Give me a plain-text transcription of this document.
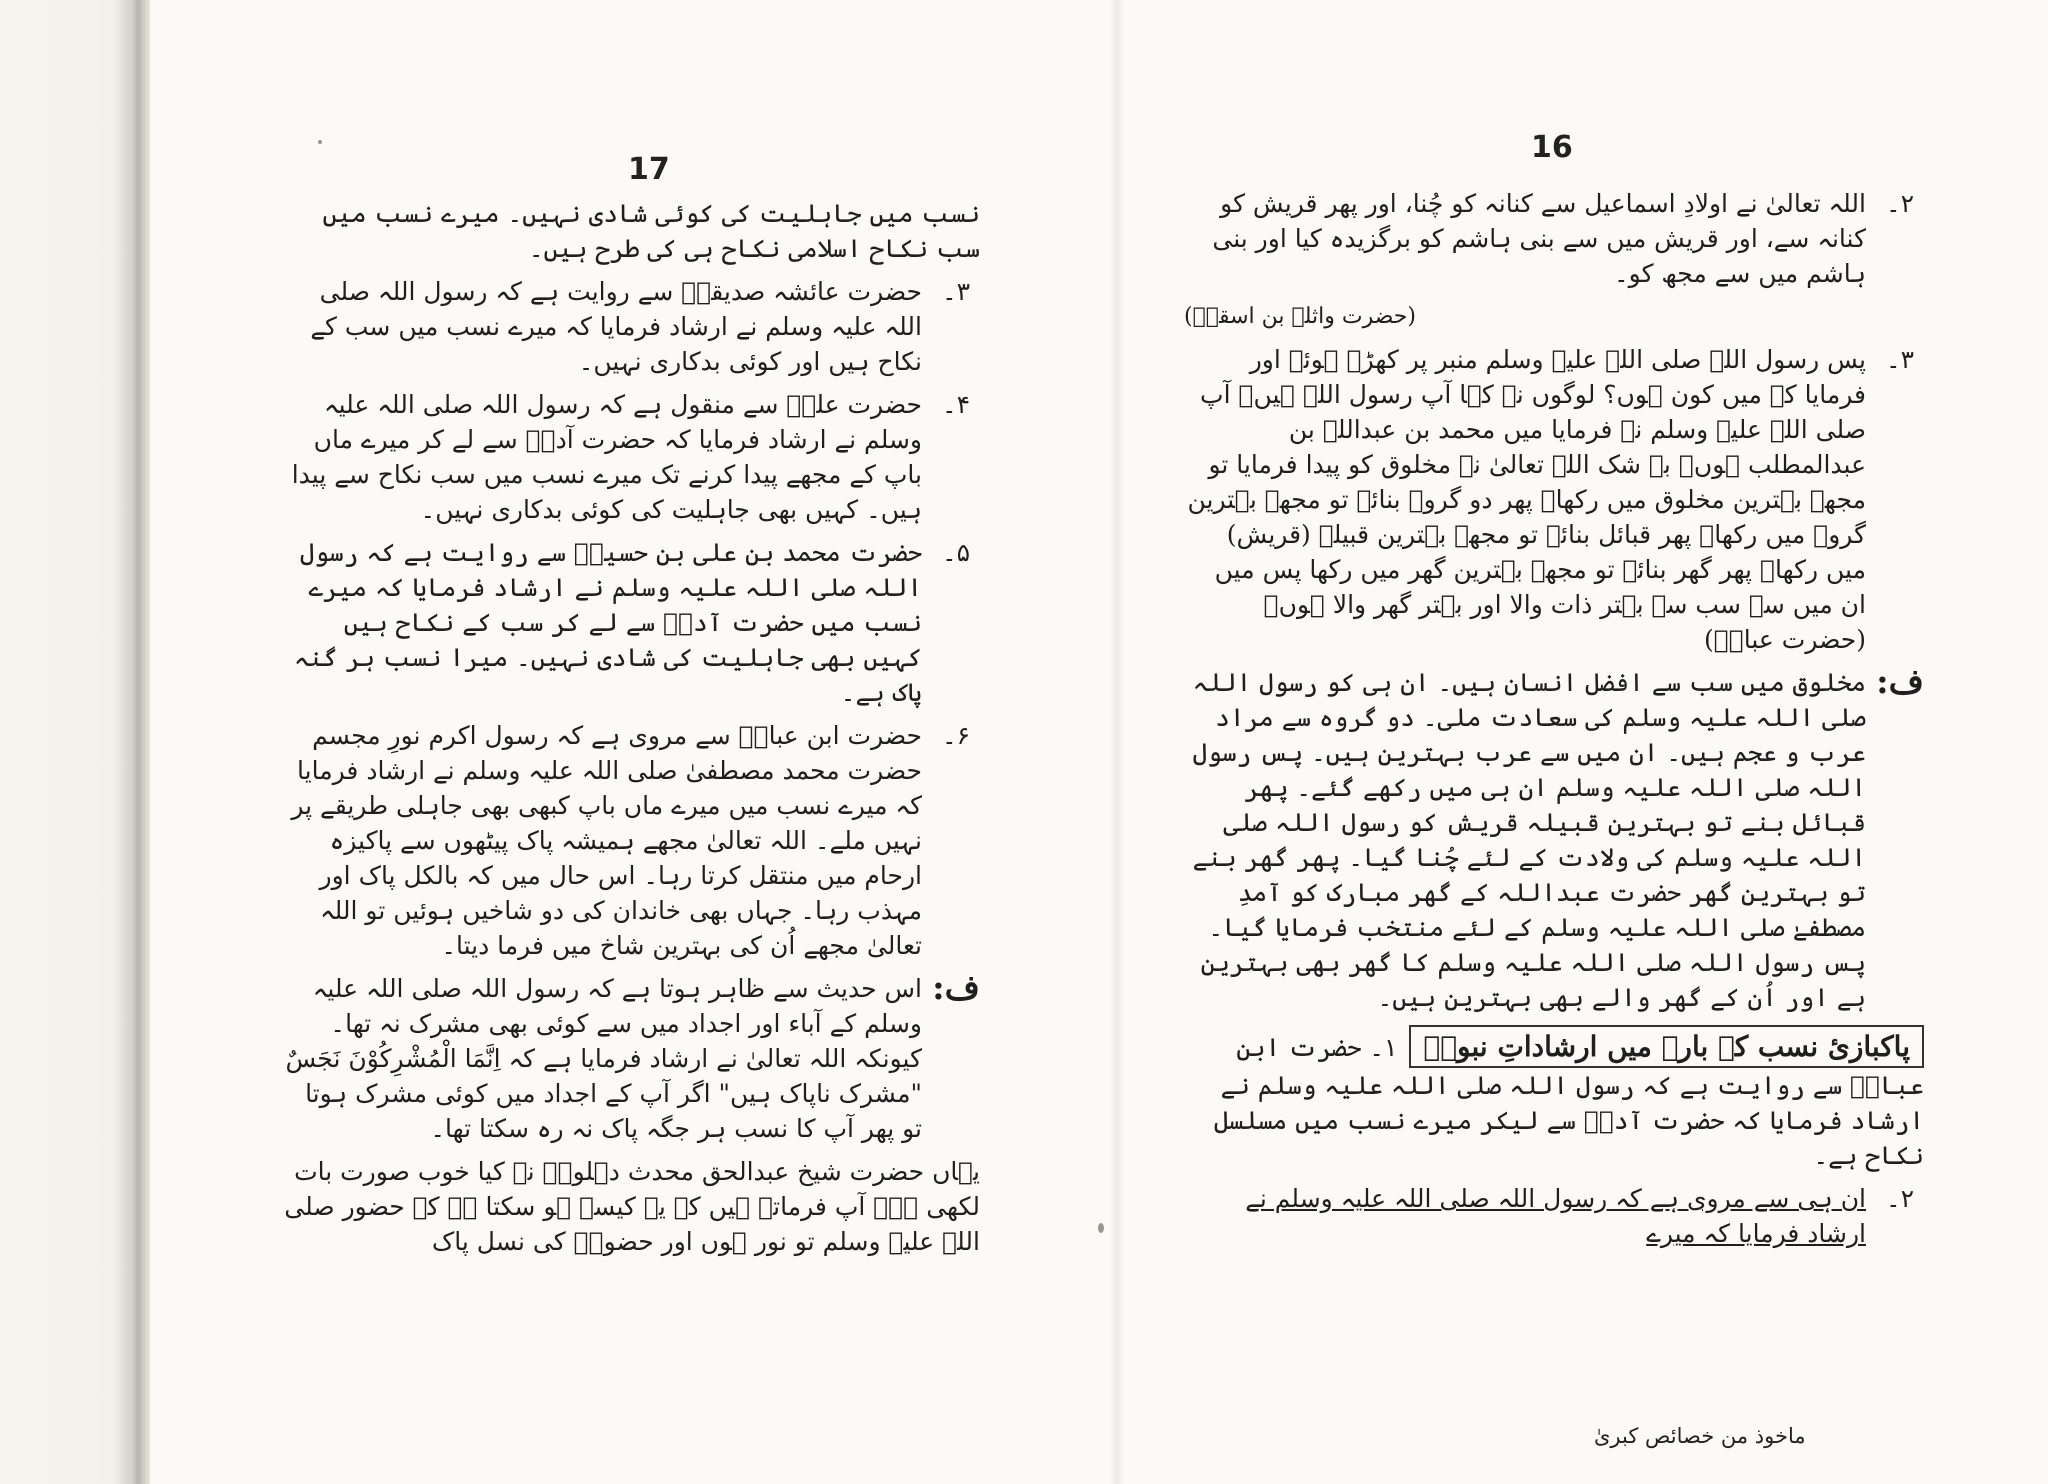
17

نسب میں جاہلیت کی کوئی شادی نہیں۔ میرے نسب میں سب نکاح اسلامی نکاح ہی کی طرح ہیں۔

۳۔
حضرت عائشہ صدیقہؓ سے روایت ہے کہ رسول اللہ صلی اللہ علیہ وسلم نے ارشاد فرمایا کہ میرے نسب میں سب کے نکاح ہیں اور کوئی بدکاری نہیں۔

۴۔
حضرت علیؓ سے منقول ہے کہ رسول اللہ صلی اللہ علیہ وسلم نے ارشاد فرمایا کہ حضرت آدمؑ سے لے کر میرے ماں باپ کے مجھے پیدا کرنے تک میرے نسب میں سب نکاح سے پیدا ہیں۔ کہیں بھی جاہلیت کی کوئی بدکاری نہیں۔

۵۔
حضرت محمد بن علی بن حسینؓ سے روایت ہے کہ رسول اللہ صلی اللہ علیہ وسلم نے ارشاد فرمایا کہ میرے نسب میں حضرت آدمؑ سے لے کر سب کے نکاح ہیں کہیں بھی جاہلیت کی شادی نہیں۔ میرا نسب ہر گنہ پاک ہے۔

۶۔
حضرت ابن عباسؓ سے مروی ہے کہ رسول اکرم نورِ مجسم حضرت محمد مصطفیٰ صلی اللہ علیہ وسلم نے ارشاد فرمایا کہ میرے نسب میں میرے ماں باپ کبھی بھی جاہلی طریقے پر نہیں ملے۔ اللہ تعالیٰ مجھے ہمیشہ پاک پیٹھوں سے پاکیزہ ارحام میں منتقل کرتا رہا۔ اس حال میں کہ بالکل پاک اور مہذب رہا۔ جہاں بھی خاندان کی دو شاخیں ہوئیں تو اللہ تعالیٰ مجھے اُن کی بہترین شاخ میں فرما دیتا۔

ف:
اس حدیث سے ظاہر ہوتا ہے کہ رسول اللہ صلی اللہ علیہ وسلم کے آباء اور اجداد میں سے کوئی بھی مشرک نہ تھا۔ کیونکہ اللہ تعالیٰ نے ارشاد فرمایا ہے کہ اِنَّمَا الْمُشْرِکُوْنَ نَجَسٌ "مشرک ناپاک ہیں" اگر آپ کے اجداد میں کوئی مشرک ہوتا تو پھر آپ کا نسب ہر جگہ پاک نہ رہ سکتا تھا۔

یہاں حضرت شیخ عبدالحق محدث دہلویؒ نے کیا خوب صورت بات لکھی ہے۔ آپ فرماتے ہیں کہ یہ کیسے ہو سکتا ہے کہ حضور صلی اللہ علیہ وسلم تو نور ہوں اور حضورؐ کی نسل پاک

16

۲۔
اللہ تعالیٰ نے اولادِ اسماعیل سے کنانہ کو چُنا، اور پھر قریش کو کنانہ سے، اور قریش میں سے بنی ہاشم کو برگزیدہ کیا اور بنی ہاشم میں سے مجھ کو۔

(حضرت واثلہ بن اسقعؓ)

۳۔
پس رسول اللہ صلی اللہ علیہ وسلم منبر پر کھڑے ہوئے اور فرمایا کہ میں کون ہوں؟ لوگوں نے کہا آپ رسول اللہ ہیں۔ آپ صلی اللہ علیہ وسلم نے فرمایا میں محمد بن عبداللہ بن عبدالمطلب ہوں۔ بے شک اللہ تعالیٰ نے مخلوق کو پیدا فرمایا تو مجھے بہترین مخلوق میں رکھا۔ پھر دو گروہ بنائے تو مجھے بہترین گروہ میں رکھا۔ پھر قبائل بنائے تو مجھے بہترین قبیلہ (قریش) میں رکھا۔ پھر گھر بنائے تو مجھے بہترین گھر میں رکھا پس میں ان میں سے سب سے بہتر ذات والا اور بہتر گھر والا ہوں۔ (حضرت عباسؓ)

ف:
مخلوق میں سب سے افضل انسان ہیں۔ ان ہی کو رسول اللہ صلی اللہ علیہ وسلم کی سعادت ملی۔ دو گروہ سے مراد عرب و عجم ہیں۔ ان میں سے عرب بہترین ہیں۔ پس رسول اللہ صلی اللہ علیہ وسلم ان ہی میں رکھے گئے۔ پھر قبائل بنے تو بہترین قبیلہ قریش کو رسول اللہ صلی اللہ علیہ وسلم کی ولادت کے لئے چُنا گیا۔ پھر گھر بنے تو بہترین گھر حضرت عبداللہ کے گھر مبارک کو آمدِ مصطفےٰ صلی اللہ علیہ وسلم کے لئے منتخب فرمایا گیا۔ پس رسول اللہ صلی اللہ علیہ وسلم کا گھر بھی بہترین ہے اور اُن کے گھر والے بھی بہترین ہیں۔

پاکبازیٔ نسب کے بارے میں ارشاداتِ نبویؐ۱۔ حضرت ابن عباسؓ سے روایت ہے کہ رسول اللہ صلی اللہ علیہ وسلم نے ارشاد فرمایا کہ حضرت آدمؑ سے لیکر میرے نسب میں مسلسل نکاح ہے۔

۲۔
ان ہی سے مروی ہے کہ رسول اللہ صلی اللہ علیہ وسلم نے ارشاد فرمایا کہ میرے

ماخوذ من خصائص کبریٰ
